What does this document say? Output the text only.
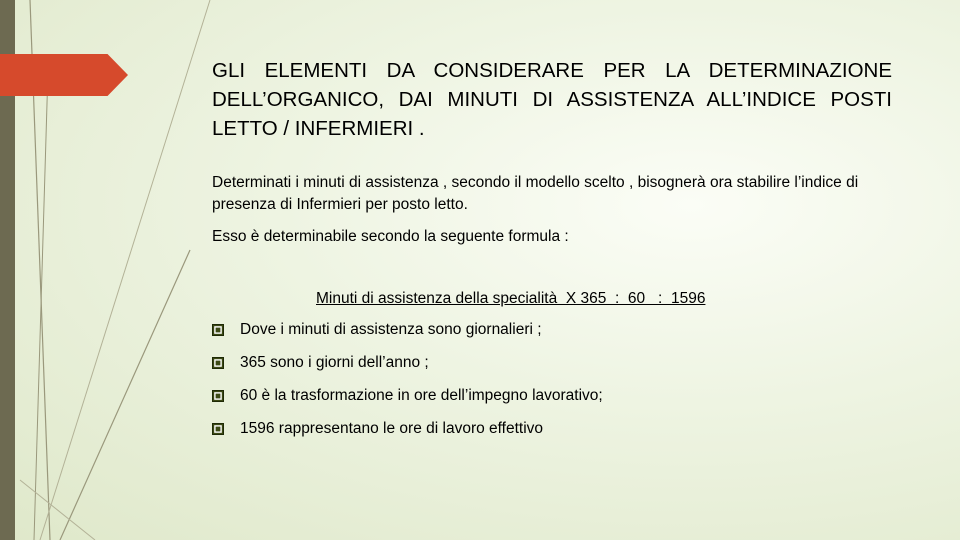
GLI ELEMENTI DA CONSIDERARE PER LA DETERMINAZIONE DELL’ORGANICO, DAI MINUTI DI ASSISTENZA ALL’INDICE POSTI LETTO / INFERMIERI .

Determinati i minuti di assistenza , secondo il modello scelto , bisognerà ora stabilire l’indice di presenza di Infermieri per posto letto.

Esso è determinabile secondo la seguente formula :

Minuti di assistenza della specialità  X 365  :  60   :  1596

Dove i minuti di assistenza sono giornalieri ;
365 sono i giorni dell’anno ;
60 è la trasformazione in ore dell’impegno lavorativo;
1596 rappresentano le ore di lavoro effettivo
